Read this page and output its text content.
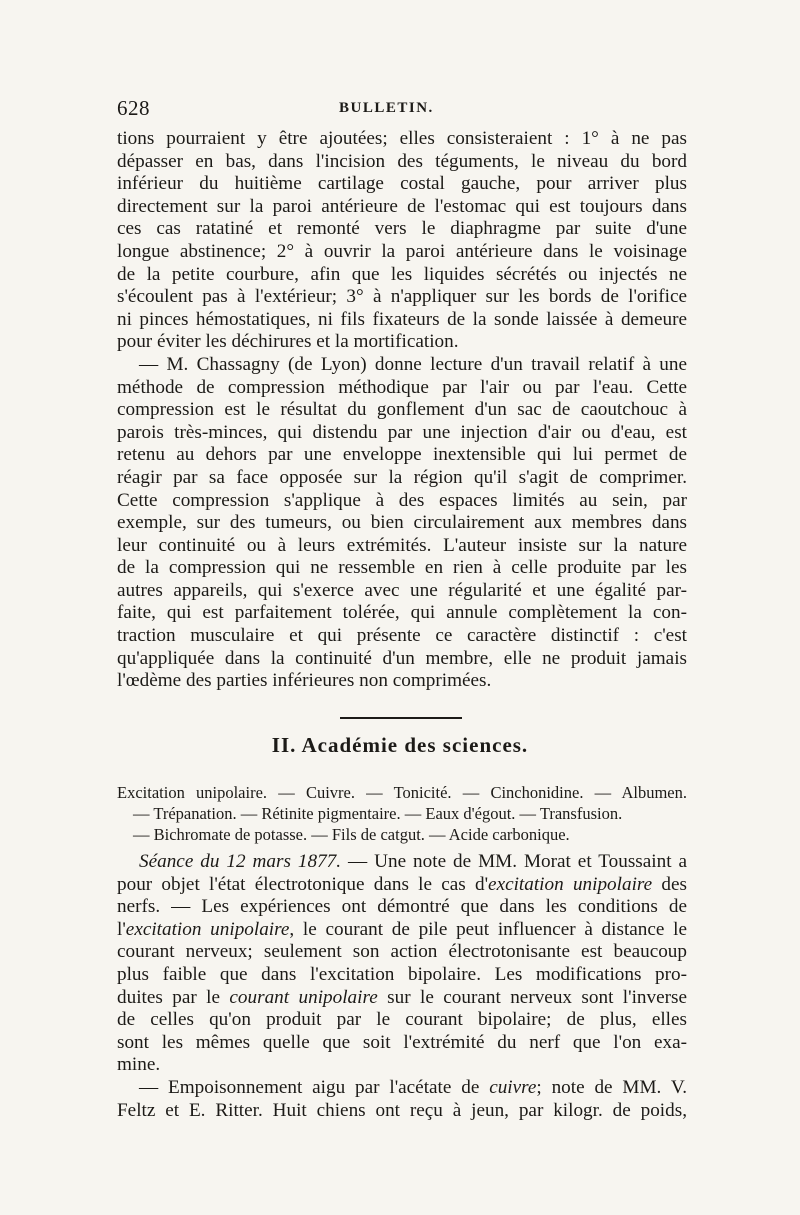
628	BULLETIN.
tions pourraient y être ajoutées; elles consisteraient : 1° à ne pas
dépasser en bas, dans l'incision des téguments, le niveau du bord
inférieur du huitième cartilage costal gauche, pour arriver plus
directement sur la paroi antérieure de l'estomac qui est toujours dans
ces cas ratatiné et remonté vers le diaphragme par suite d'une
longue abstinence; 2° à ouvrir la paroi antérieure dans le voisinage
de la petite courbure, afin que les liquides sécrétés ou injectés ne
s'écoulent pas à l'extérieur; 3° à n'appliquer sur les bords de l'orifice
ni pinces hémostatiques, ni fils fixateurs de la sonde laissée à demeure
pour éviter les déchirures et la mortification.
— M. Chassagny (de Lyon) donne lecture d'un travail relatif à une
méthode de compression méthodique par l'air ou par l'eau. Cette
compression est le résultat du gonflement d'un sac de caoutchouc à
parois très-minces, qui distendu par une injection d'air ou d'eau, est
retenu au dehors par une enveloppe inextensible qui lui permet de
réagir par sa face opposée sur la région qu'il s'agit de comprimer.
Cette compression s'applique à des espaces limités au sein, par
exemple, sur des tumeurs, ou bien circulairement aux membres dans
leur continuité ou à leurs extrémités. L'auteur insiste sur la nature
de la compression qui ne ressemble en rien à celle produite par les
autres appareils, qui s'exerce avec une régularité et une égalité par-
faite, qui est parfaitement tolérée, qui annule complètement la con-
traction musculaire et qui présente ce caractère distinctif : c'est
qu'appliquée dans la continuité d'un membre, elle ne produit jamais
l'œdème des parties inférieures non comprimées.
II. Académie des sciences.
Excitation unipolaire. — Cuivre. — Tonicité. — Cinchonidine. — Albumen.
— Trépanation. — Rétinite pigmentaire. — Eaux d'égout. — Transfusion.
— Bichromate de potasse. — Fils de catgut. — Acide carbonique.
Séance du 12 mars 1877. — Une note de MM. Morat et Toussaint a
pour objet l'état électrotonique dans le cas d'excitation unipolaire des
nerfs. — Les expériences ont démontré que dans les conditions de
l'excitation unipolaire, le courant de pile peut influencer à distance le
courant nerveux; seulement son action électrotonisante est beaucoup
plus faible que dans l'excitation bipolaire. Les modifications pro-
duites par le courant unipolaire sur le courant nerveux sont l'inverse
de celles qu'on produit par le courant bipolaire; de plus, elles
sont les mêmes quelle que soit l'extrémité du nerf que l'on exa-
mine.
— Empoisonnement aigu par l'acétate de cuivre; note de MM. V.
Feltz et E. Ritter. Huit chiens ont reçu à jeun, par kilogr. de poids,
